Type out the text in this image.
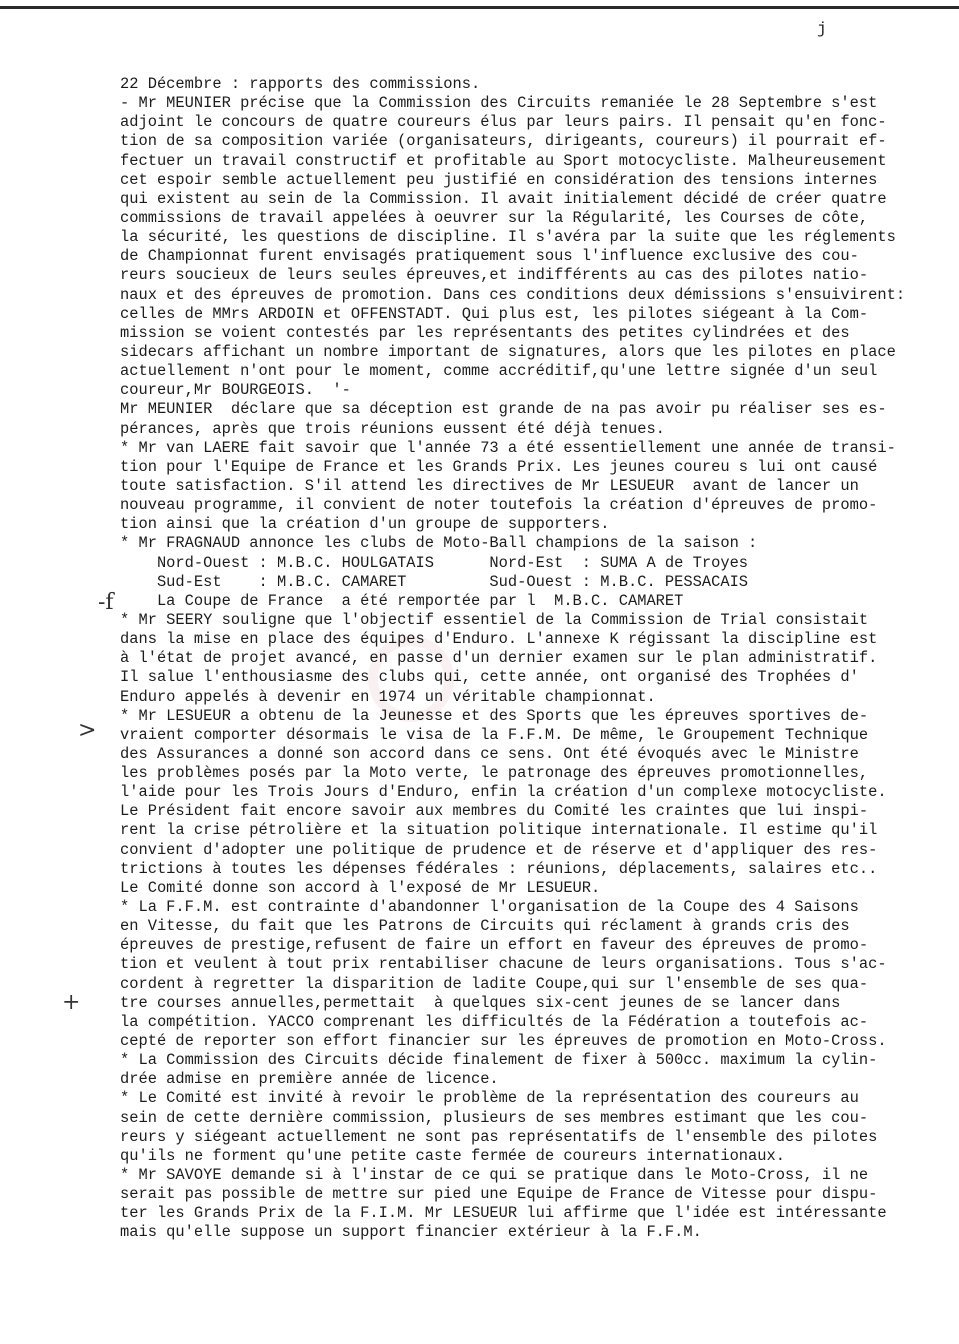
j
-f
>
+
22 Décembre : rapports des commissions.
- Mr MEUNIER précise que la Commission des Circuits remaniée le 28 Septembre s'est
adjoint le concours de quatre coureurs élus par leurs pairs. Il pensait qu'en fonc-
tion de sa composition variée (organisateurs, dirigeants, coureurs) il pourrait ef-
fectuer un travail constructif et profitable au Sport motocycliste. Malheureusement
cet espoir semble actuellement peu justifié en considération des tensions internes
qui existent au sein de la Commission. Il avait initialement décidé de créer quatre
commissions de travail appelées à oeuvrer sur la Régularité, les Courses de côte,
la sécurité, les questions de discipline. Il s'avéra par la suite que les réglements
de Championnat furent envisagés pratiquement sous l'influence exclusive des cou-
reurs soucieux de leurs seules épreuves,et indifférents au cas des pilotes natio-
naux et des épreuves de promotion. Dans ces conditions deux démissions s'ensuivirent:
celles de MMrs ARDOIN et OFFENSTADT. Qui plus est, les pilotes siégeant à la Com-
mission se voient contestés par les représentants des petites cylindrées et des
sidecars affichant un nombre important de signatures, alors que les pilotes en place
actuellement n'ont pour le moment, comme accréditif,qu'une lettre signée d'un seul
coureur,Mr BOURGEOIS.  '-
Mr MEUNIER  déclare que sa déception est grande de na pas avoir pu réaliser ses es-
pérances, après que trois réunions eussent été déjà tenues.
* Mr van LAERE fait savoir que l'année 73 a été essentiellement une année de transi-
tion pour l'Equipe de France et les Grands Prix. Les jeunes coureu s lui ont causé
toute satisfaction. S'il attend les directives de Mr LESUEUR  avant de lancer un
nouveau programme, il convient de noter toutefois la création d'épreuves de promo-
tion ainsi que la création d'un groupe de supporters.
* Mr FRAGNAUD annonce les clubs de Moto-Ball champions de la saison :
Nord-Ouest : M.B.C. HOULGATAIS      Nord-Est  : SUMA A de Troyes
Sud-Est    : M.B.C. CAMARET         Sud-Ouest : M.B.C. PESSACAIS
La Coupe de France  a été remportée par l  M.B.C. CAMARET
* Mr SEERY souligne que l'objectif essentiel de la Commission de Trial consistait
dans la mise en place des équipes d'Enduro. L'annexe K régissant la discipline est
à l'état de projet avancé, en passe d'un dernier examen sur le plan administratif.
Il salue l'enthousiasme des clubs qui, cette année, ont organisé des Trophées d'
Enduro appelés à devenir en 1974 un véritable championnat.
* Mr LESUEUR a obtenu de la Jeunesse et des Sports que les épreuves sportives de-
vraient comporter désormais le visa de la F.F.M. De même, le Groupement Technique
des Assurances a donné son accord dans ce sens. Ont été évoqués avec le Ministre
les problèmes posés par la Moto verte, le patronage des épreuves promotionnelles,
l'aide pour les Trois Jours d'Enduro, enfin la création d'un complexe motocycliste.
Le Président fait encore savoir aux membres du Comité les craintes que lui inspi-
rent la crise pétrolière et la situation politique internationale. Il estime qu'il
convient d'adopter une politique de prudence et de réserve et d'appliquer des res-
trictions à toutes les dépenses fédérales : réunions, déplacements, salaires etc..
Le Comité donne son accord à l'exposé de Mr LESUEUR.
* La F.F.M. est contrainte d'abandonner l'organisation de la Coupe des 4 Saisons
en Vitesse, du fait que les Patrons de Circuits qui réclament à grands cris des
épreuves de prestige,refusent de faire un effort en faveur des épreuves de promo-
tion et veulent à tout prix rentabiliser chacune de leurs organisations. Tous s'ac-
cordent à regretter la disparition de ladite Coupe,qui sur l'ensemble de ses qua-
tre courses annuelles,permettait  à quelques six-cent jeunes de se lancer dans
la compétition. YACCO comprenant les difficultés de la Fédération a toutefois ac-
cepté de reporter son effort financier sur les épreuves de promotion en Moto-Cross.
* La Commission des Circuits décide finalement de fixer à 500cc. maximum la cylin-
drée admise en première année de licence.
* Le Comité est invité à revoir le problème de la représentation des coureurs au
sein de cette dernière commission, plusieurs de ses membres estimant que les cou-
reurs y siégeant actuellement ne sont pas représentatifs de l'ensemble des pilotes
qu'ils ne forment qu'une petite caste fermée de coureurs internationaux.
* Mr SAVOYE demande si à l'instar de ce qui se pratique dans le Moto-Cross, il ne
serait pas possible de mettre sur pied une Equipe de France de Vitesse pour dispu-
ter les Grands Prix de la F.I.M. Mr LESUEUR lui affirme que l'idée est intéressante
mais qu'elle suppose un support financier extérieur à la F.F.M.
